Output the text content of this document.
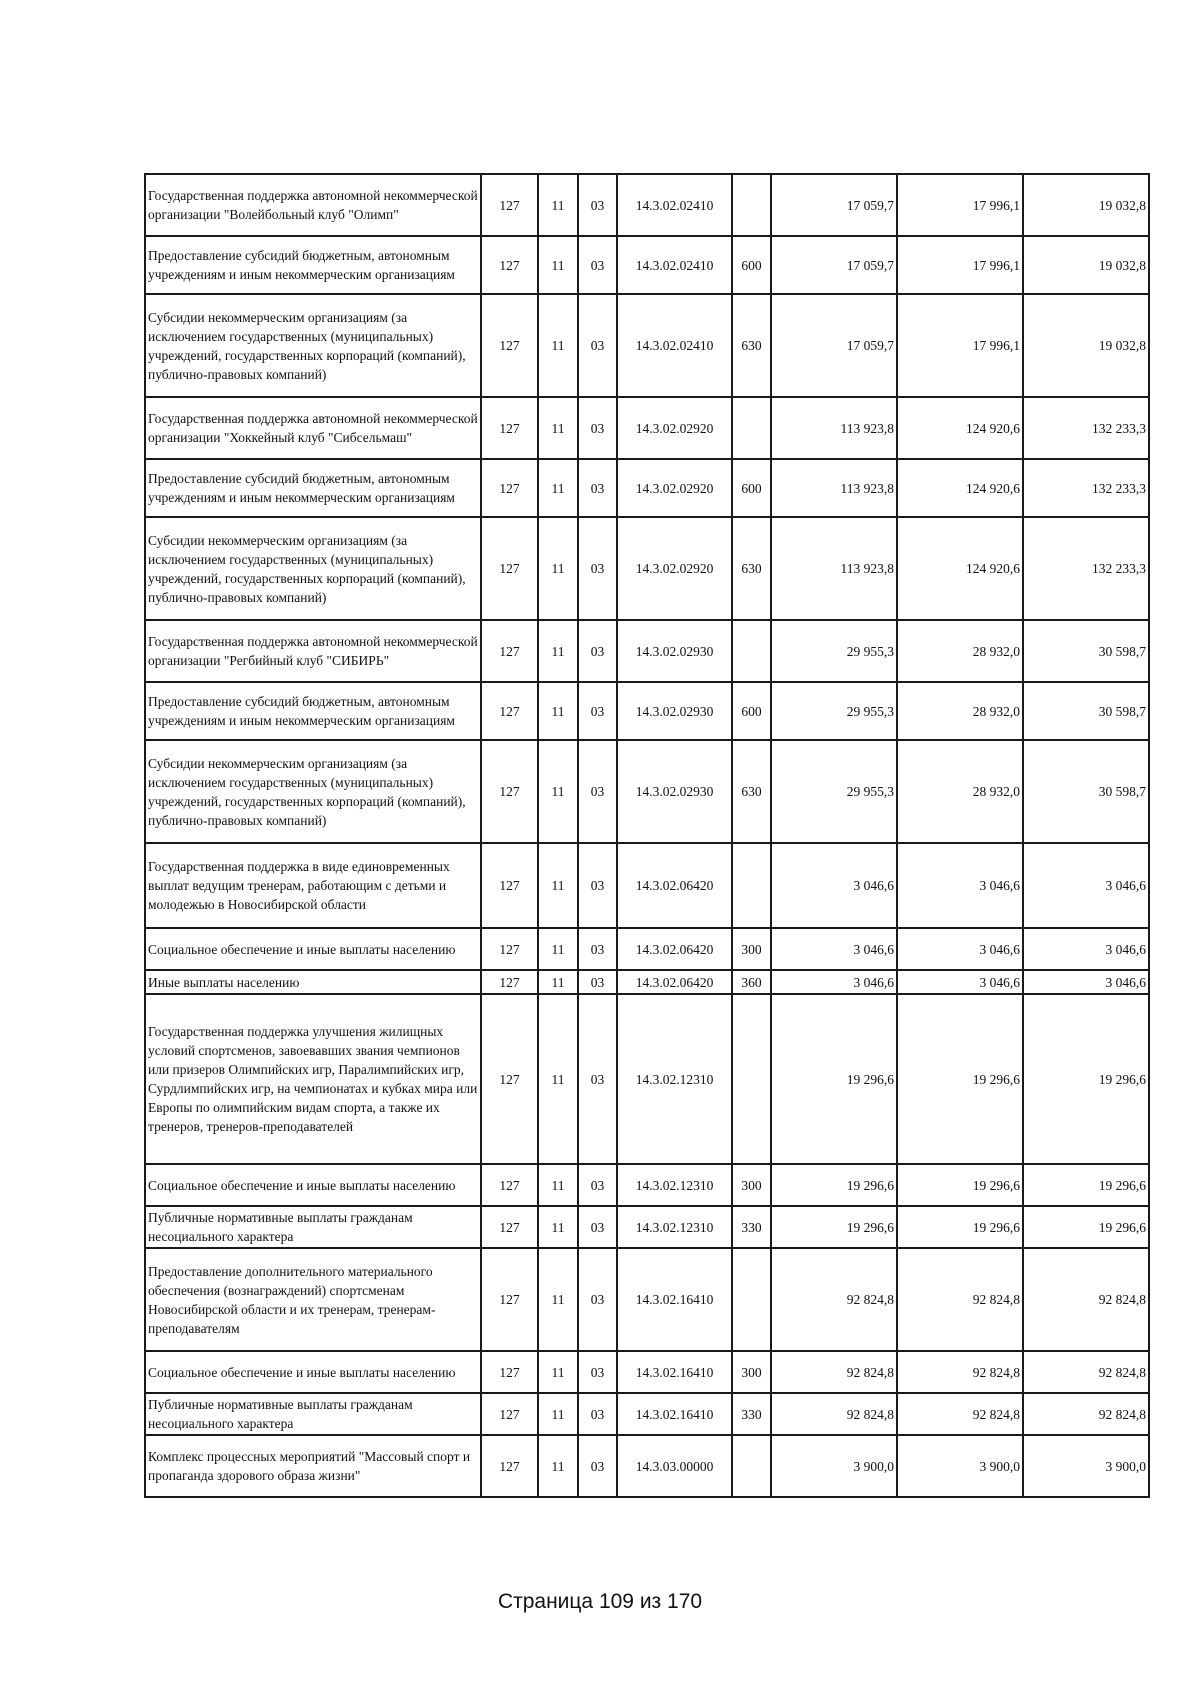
Государственная поддержка автономной некоммерческой организации "Волейбольный клуб "Олимп"	127	11	03	14.3.02.02410		17 059,7	17 996,1	19 032,8
Предоставление субсидий бюджетным, автономным учреждениям и иным некоммерческим организациям	127	11	03	14.3.02.02410	600	17 059,7	17 996,1	19 032,8
Субсидии некоммерческим организациям (за исключением государственных (муниципальных) учреждений, государственных корпораций (компаний), публично-правовых компаний)	127	11	03	14.3.02.02410	630	17 059,7	17 996,1	19 032,8
Государственная поддержка автономной некоммерческой организации "Хоккейный клуб "Сибсельмаш"	127	11	03	14.3.02.02920		113 923,8	124 920,6	132 233,3
Предоставление субсидий бюджетным, автономным учреждениям и иным некоммерческим организациям	127	11	03	14.3.02.02920	600	113 923,8	124 920,6	132 233,3
Субсидии некоммерческим организациям (за исключением государственных (муниципальных) учреждений, государственных корпораций (компаний), публично-правовых компаний)	127	11	03	14.3.02.02920	630	113 923,8	124 920,6	132 233,3
Государственная поддержка автономной некоммерческой организации "Регбийный клуб "СИБИРЬ"	127	11	03	14.3.02.02930		29 955,3	28 932,0	30 598,7
Предоставление субсидий бюджетным, автономным учреждениям и иным некоммерческим организациям	127	11	03	14.3.02.02930	600	29 955,3	28 932,0	30 598,7
Субсидии некоммерческим организациям (за исключением государственных (муниципальных) учреждений, государственных корпораций (компаний), публично-правовых компаний)	127	11	03	14.3.02.02930	630	29 955,3	28 932,0	30 598,7
Государственная поддержка в виде единовременных выплат ведущим тренерам, работающим с детьми и молодежью в Новосибирской области	127	11	03	14.3.02.06420		3 046,6	3 046,6	3 046,6
Социальное обеспечение и иные выплаты населению	127	11	03	14.3.02.06420	300	3 046,6	3 046,6	3 046,6
Иные выплаты населению	127	11	03	14.3.02.06420	360	3 046,6	3 046,6	3 046,6
Государственная поддержка улучшения жилищных условий спортсменов, завоевавших звания чемпионов или призеров Олимпийских игр, Паралимпийских игр, Сурдлимпийских игр, на чемпионатах и кубках мира или Европы по олимпийским видам спорта, а также их тренеров, тренеров-преподавателей	127	11	03	14.3.02.12310		19 296,6	19 296,6	19 296,6
Социальное обеспечение и иные выплаты населению	127	11	03	14.3.02.12310	300	19 296,6	19 296,6	19 296,6
Публичные нормативные выплаты гражданам несоциального характера	127	11	03	14.3.02.12310	330	19 296,6	19 296,6	19 296,6
Предоставление дополнительного материального обеспечения (вознаграждений) спортсменам Новосибирской области и их тренерам, тренерам-преподавателям	127	11	03	14.3.02.16410		92 824,8	92 824,8	92 824,8
Социальное обеспечение и иные выплаты населению	127	11	03	14.3.02.16410	300	92 824,8	92 824,8	92 824,8
Публичные нормативные выплаты гражданам несоциального характера	127	11	03	14.3.02.16410	330	92 824,8	92 824,8	92 824,8
Комплекс процессных мероприятий "Массовый спорт и пропаганда здорового образа жизни"	127	11	03	14.3.03.00000		3 900,0	3 900,0	3 900,0
Страница 109 из 170
